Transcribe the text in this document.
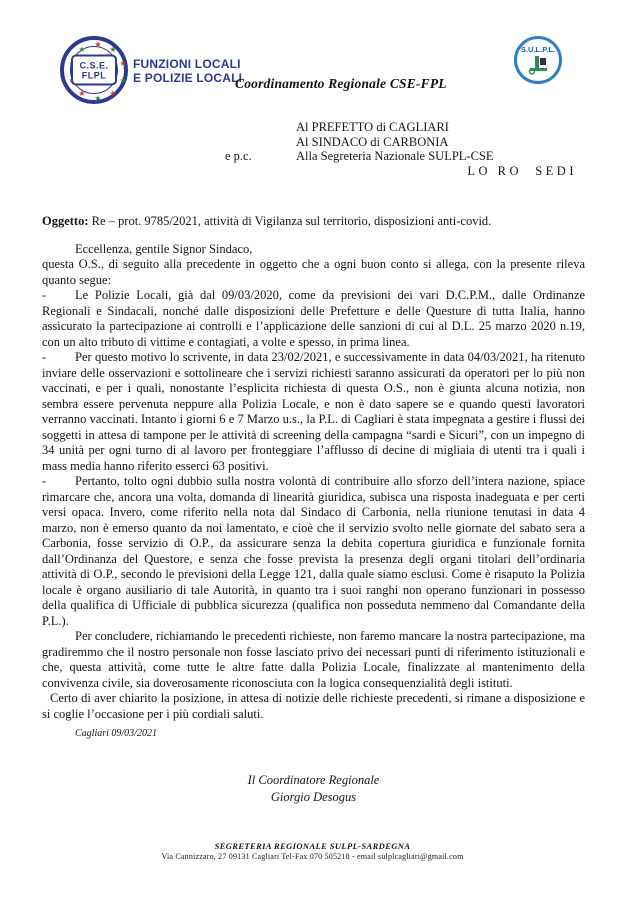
★
★
★
★
★
★
★
★
★
★
C.S.E.
FLPL
FUNZIONI LOCALI
E POLIZIE LOCALI
Coordinamento Regionale CSE-FPL
S.U.L.P.L.
Al PREFETTO di CAGLIARI
Al SINDACO di CARBONIA
e p.c.	Alla Segreteria Nazionale SULPL-CSE
LO RO  SEDI
Oggetto: Re – prot. 9785/2021, attività di Vigilanza sul territorio, disposizioni anti-covid.
Eccellenza, gentile Signor Sindaco,
questa O.S., di seguito alla precedente in oggetto che a ogni buon conto si allega, con la presente rileva quanto segue:

- Le Polizie Locali, già dal 09/03/2020, come da previsioni dei vari D.C.P.M., dalle Ordinanze Regionali e Sindacali, nonché dalle disposizioni delle Prefetture e delle Questure di tutta Italia, hanno assicurato la partecipazione ai controlli e l’applicazione delle sanzioni di cui al D.L. 25 marzo 2020 n.19, con un alto tributo di vittime e contagiati, a volte e spesso, in prima linea.

- Per questo motivo lo scrivente, in data 23/02/2021, e successivamente in data 04/03/2021, ha ritenuto inviare delle osservazioni e sottolineare che i servizi richiesti saranno assicurati da operatori per lo più non vaccinati, e per i quali, nonostante l’esplicita richiesta di questa O.S., non è giunta alcuna notizia, non sembra essere pervenuta neppure alla Polizia Locale, e non è dato sapere se e quando questi lavoratori verranno vaccinati. Intanto i giorni 6 e 7 Marzo u.s., la P.L. di Cagliari è stata impegnata a gestire i flussi dei soggetti in attesa di tampone per le attività di screening della campagna “sardi e Sicuri”, con un impegno di 34 unità per ogni turno di al lavoro per fronteggiare l’afflusso di decine di migliaia di utenti tra i quali i mass media hanno riferito esserci 63 positivi.

- Pertanto, tolto ogni dubbio sulla nostra volontà di contribuire allo sforzo dell’intera nazione, spiace rimarcare che, ancora una volta, domanda di linearità giuridica, subisca una risposta inadeguata e per certi versi opaca. Invero, come riferito nella nota dal Sindaco di Carbonia, nella riunione tenutasi in data 4 marzo, non è emerso quanto da noi lamentato, e cioè che il servizio svolto nelle giornate del sabato sera a Carbonia, fosse servizio di O.P., da assicurare senza la debita copertura giuridica e funzionale fornita dall’Ordinanza del Questore, e senza che fosse prevista la presenza degli organi titolari dell’ordinaria attività di O.P., secondo le previsioni della Legge 121, dalla quale siamo esclusi. Come è risaputo la Polizia locale è organo ausiliario di tale Autorità, in quanto tra i suoi ranghi non operano funzionari in possesso della qualifica di Ufficiale di pubblica sicurezza (qualifica non posseduta nemmeno dal Comandante della P.L.).

Per concludere, richiamando le precedenti richieste, non faremo mancare la nostra partecipazione, ma gradiremmo che il nostro personale non fosse lasciato privo dei necessari punti di riferimento istituzionali e che, questa attività, come tutte le altre fatte dalla Polizia Locale, finalizzate al mantenimento della convivenza civile, sia doverosamente riconosciuta con la logica consequenzialità degli istituti.

Certo di aver chiarito la posizione, in attesa di notizie delle richieste precedenti, si rimane a disposizione e si coglie l’occasione per i più cordiali saluti.

Cagliari 09/03/2021
Il Coordinatore Regionale
Giorgio Desogus
SEGRETERIA REGIONALE SULPL-SARDEGNA
Via Cannizzaro, 27 09131 Cagliari Tel-Fax 070 505218 - email sulplcagliari@gmail.com
